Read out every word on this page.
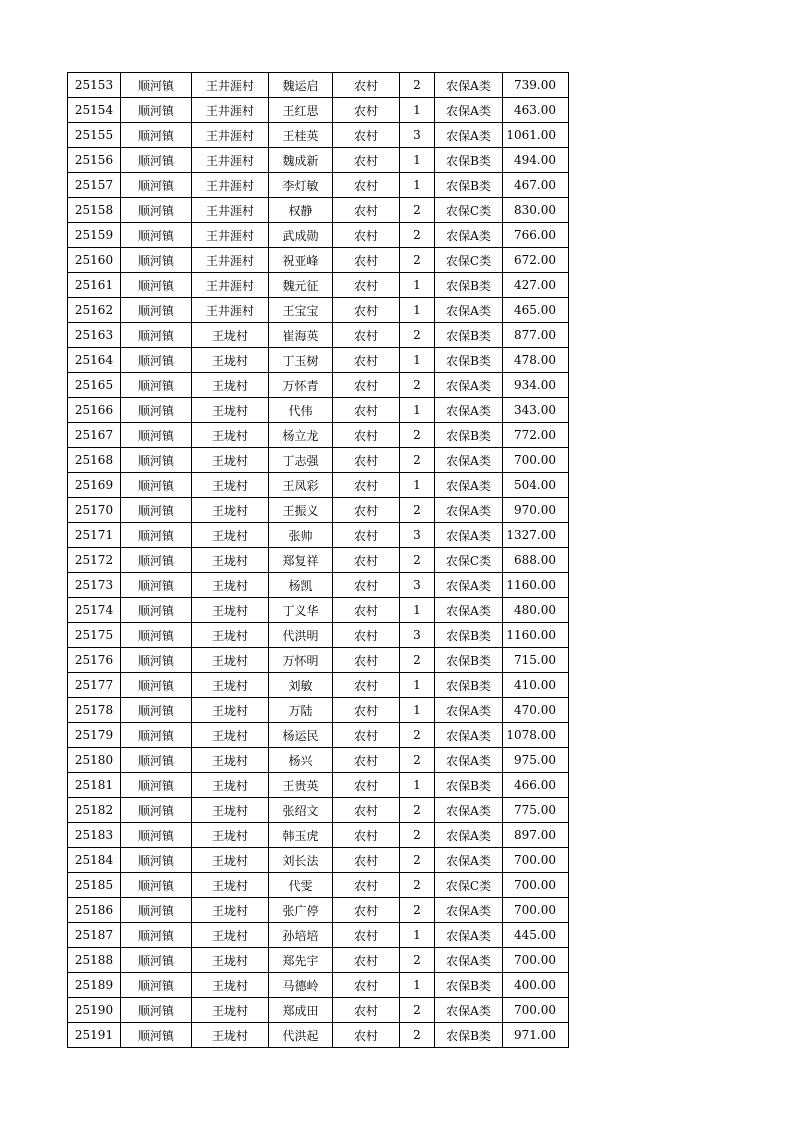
25153	顺河镇	王井涯村	魏运启	农村	2	农保A类	739.00
25154	顺河镇	王井涯村	王红思	农村	1	农保A类	463.00
25155	顺河镇	王井涯村	王桂英	农村	3	农保A类	1061.00
25156	顺河镇	王井涯村	魏成新	农村	1	农保B类	494.00
25157	顺河镇	王井涯村	李灯敏	农村	1	农保B类	467.00
25158	顺河镇	王井涯村	权静	农村	2	农保C类	830.00
25159	顺河镇	王井涯村	武成勋	农村	2	农保A类	766.00
25160	顺河镇	王井涯村	祝亚峰	农村	2	农保C类	672.00
25161	顺河镇	王井涯村	魏元征	农村	1	农保B类	427.00
25162	顺河镇	王井涯村	王宝宝	农村	1	农保A类	465.00
25163	顺河镇	王垅村	崔海英	农村	2	农保B类	877.00
25164	顺河镇	王垅村	丁玉树	农村	1	农保B类	478.00
25165	顺河镇	王垅村	万怀青	农村	2	农保A类	934.00
25166	顺河镇	王垅村	代伟	农村	1	农保A类	343.00
25167	顺河镇	王垅村	杨立龙	农村	2	农保B类	772.00
25168	顺河镇	王垅村	丁志强	农村	2	农保A类	700.00
25169	顺河镇	王垅村	王凤彩	农村	1	农保A类	504.00
25170	顺河镇	王垅村	王振义	农村	2	农保A类	970.00
25171	顺河镇	王垅村	张帅	农村	3	农保A类	1327.00
25172	顺河镇	王垅村	郑复祥	农村	2	农保C类	688.00
25173	顺河镇	王垅村	杨凯	农村	3	农保A类	1160.00
25174	顺河镇	王垅村	丁义华	农村	1	农保A类	480.00
25175	顺河镇	王垅村	代洪明	农村	3	农保B类	1160.00
25176	顺河镇	王垅村	万怀明	农村	2	农保B类	715.00
25177	顺河镇	王垅村	刘敏	农村	1	农保B类	410.00
25178	顺河镇	王垅村	万陆	农村	1	农保A类	470.00
25179	顺河镇	王垅村	杨运民	农村	2	农保A类	1078.00
25180	顺河镇	王垅村	杨兴	农村	2	农保A类	975.00
25181	顺河镇	王垅村	王贵英	农村	1	农保B类	466.00
25182	顺河镇	王垅村	张绍文	农村	2	农保A类	775.00
25183	顺河镇	王垅村	韩玉虎	农村	2	农保A类	897.00
25184	顺河镇	王垅村	刘长法	农村	2	农保A类	700.00
25185	顺河镇	王垅村	代雯	农村	2	农保C类	700.00
25186	顺河镇	王垅村	张广停	农村	2	农保A类	700.00
25187	顺河镇	王垅村	孙培培	农村	1	农保A类	445.00
25188	顺河镇	王垅村	郑先宇	农村	2	农保A类	700.00
25189	顺河镇	王垅村	马德岭	农村	1	农保B类	400.00
25190	顺河镇	王垅村	郑成田	农村	2	农保A类	700.00
25191	顺河镇	王垅村	代洪起	农村	2	农保B类	971.00
